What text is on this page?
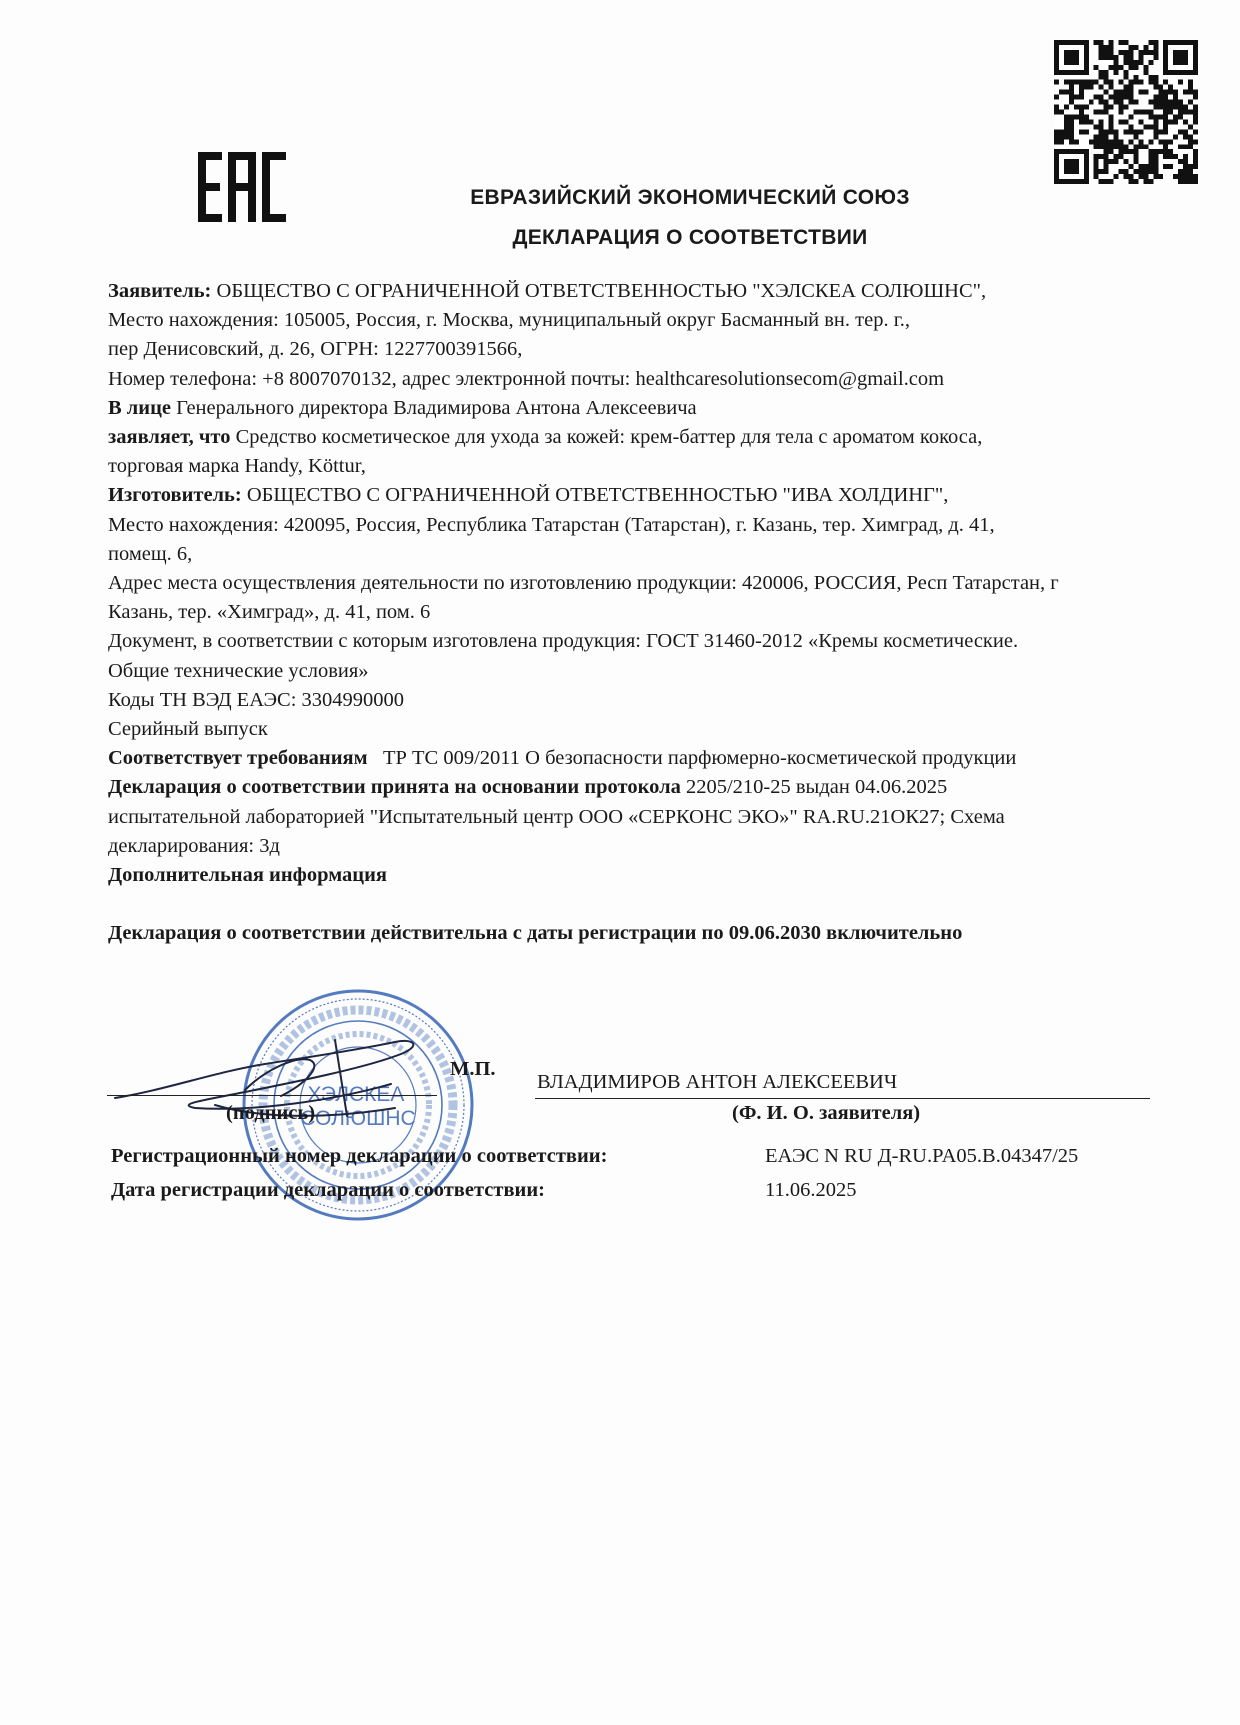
ЕВРАЗИЙСКИЙ ЭКОНОМИЧЕСКИЙ СОЮЗ
ДЕКЛАРАЦИЯ О СООТВЕТСТВИИ

Заявитель: ОБЩЕСТВО С ОГРАНИЧЕННОЙ ОТВЕТСТВЕННОСТЬЮ "ХЭЛСКЕА СОЛЮШНС",

Место нахождения: 105005, Россия, г. Москва, муниципальный округ Басманный вн. тер. г.,

пер Денисовский, д. 26, ОГРН: 1227700391566,

Номер телефона: +8 8007070132, адрес электронной почты: healthcaresolutionsecom@gmail.com

В лице Генерального директора Владимирова Антона Алексеевича

заявляет, что Средство косметическое для ухода за кожей: крем-баттер для тела с ароматом кокоса,

торговая марка Handy, Köttur,

Изготовитель: ОБЩЕСТВО С ОГРАНИЧЕННОЙ ОТВЕТСТВЕННОСТЬЮ "ИВА ХОЛДИНГ",

Место нахождения: 420095, Россия, Республика Татарстан (Татарстан), г. Казань, тер. Химград, д. 41,

помещ. 6,

Адрес места осуществления деятельности по изготовлению продукции: 420006, РОССИЯ, Респ Татарстан, г

Казань, тер. «Химград», д. 41, пом. 6

Документ, в соответствии с которым изготовлена продукция: ГОСТ 31460-2012 «Кремы косметические.

Общие технические условия»

Коды ТН ВЭД ЕАЭС: 3304990000

Серийный выпуск

Соответствует требованиям   ТР ТС 009/2011 О безопасности парфюмерно-косметической продукции

Декларация о соответствии принята на основании протокола 2205/210-25 выдан 04.06.2025

испытательной лабораторией "Испытательный центр ООО «СЕРКОНС ЭКО»" RA.RU.21ОК27; Схема

декларирования: 3д

Дополнительная информация

Декларация о соответствии действительна с даты регистрации по 09.06.2030 включительно

ХЭЛСКЕА
СОЛЮШНС
М.П.
ВЛАДИМИРОВ АНТОН АЛЕКСЕЕВИЧ
(подпись)	(Ф. И. О. заявителя)
Регистрационный номер декларации о соответствии:	ЕАЭС N RU Д-RU.PA05.B.04347/25
Дата регистрации декларации о соответствии:	11.06.2025
